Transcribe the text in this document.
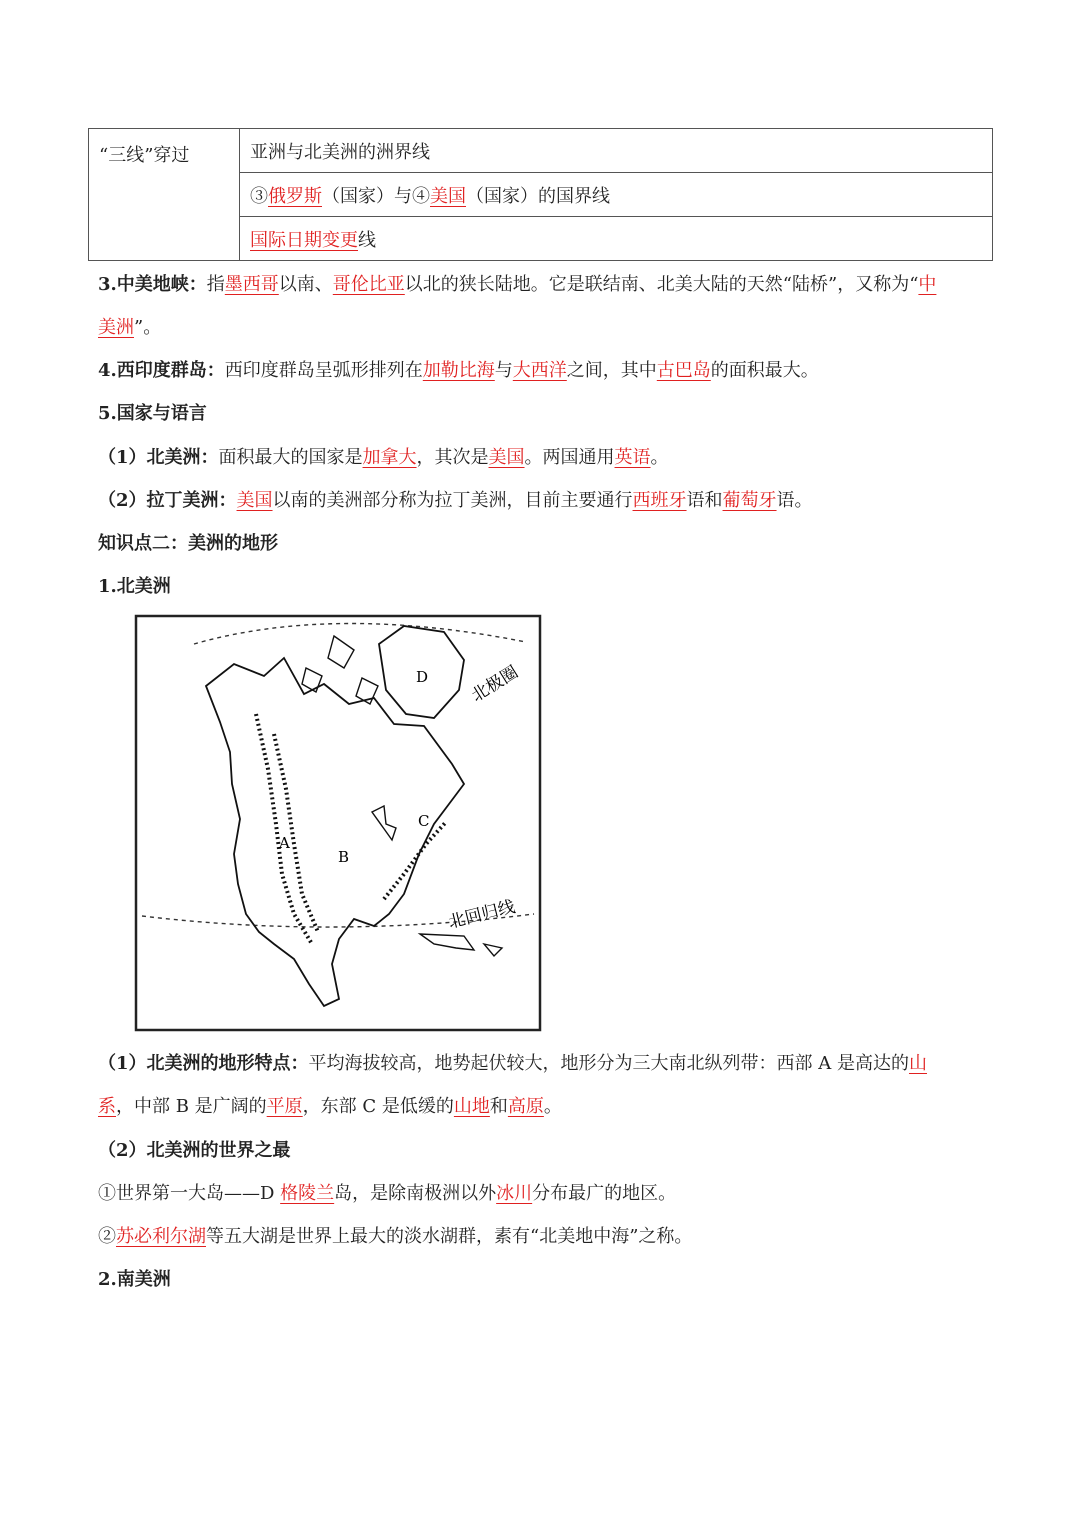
“三线”穿过	亚洲与北美洲的洲界线
③俄罗斯（国家）与④美国（国家）的国界线
国际日期变更线
3.中美地峡：指墨西哥以南、哥伦比亚以北的狭长陆地。它是联结南、北美大陆的天然“陆桥”，又称为“中
美洲”。
4.西印度群岛：西印度群岛呈弧形排列在加勒比海与大西洋之间，其中古巴岛的面积最大。
5.国家与语言
（1）北美洲：面积最大的国家是加拿大，其次是美国。两国通用英语。
（2）拉丁美洲：美国以南的美洲部分称为拉丁美洲，目前主要通行西班牙语和葡萄牙语。
知识点二：美洲的地形
1.北美洲
A
B
C
D 北极圈
北回归线
（1）北美洲的地形特点：平均海拔较高，地势起伏较大，地形分为三大南北纵列带：西部 A 是高达的山
系，中部 B 是广阔的平原，东部 C 是低缓的山地和高原。
（2）北美洲的世界之最
①世界第一大岛——D 格陵兰岛，是除南极洲以外冰川分布最广的地区。
②苏必利尔湖等五大湖是世界上最大的淡水湖群，素有“北美地中海”之称。
2.南美洲
